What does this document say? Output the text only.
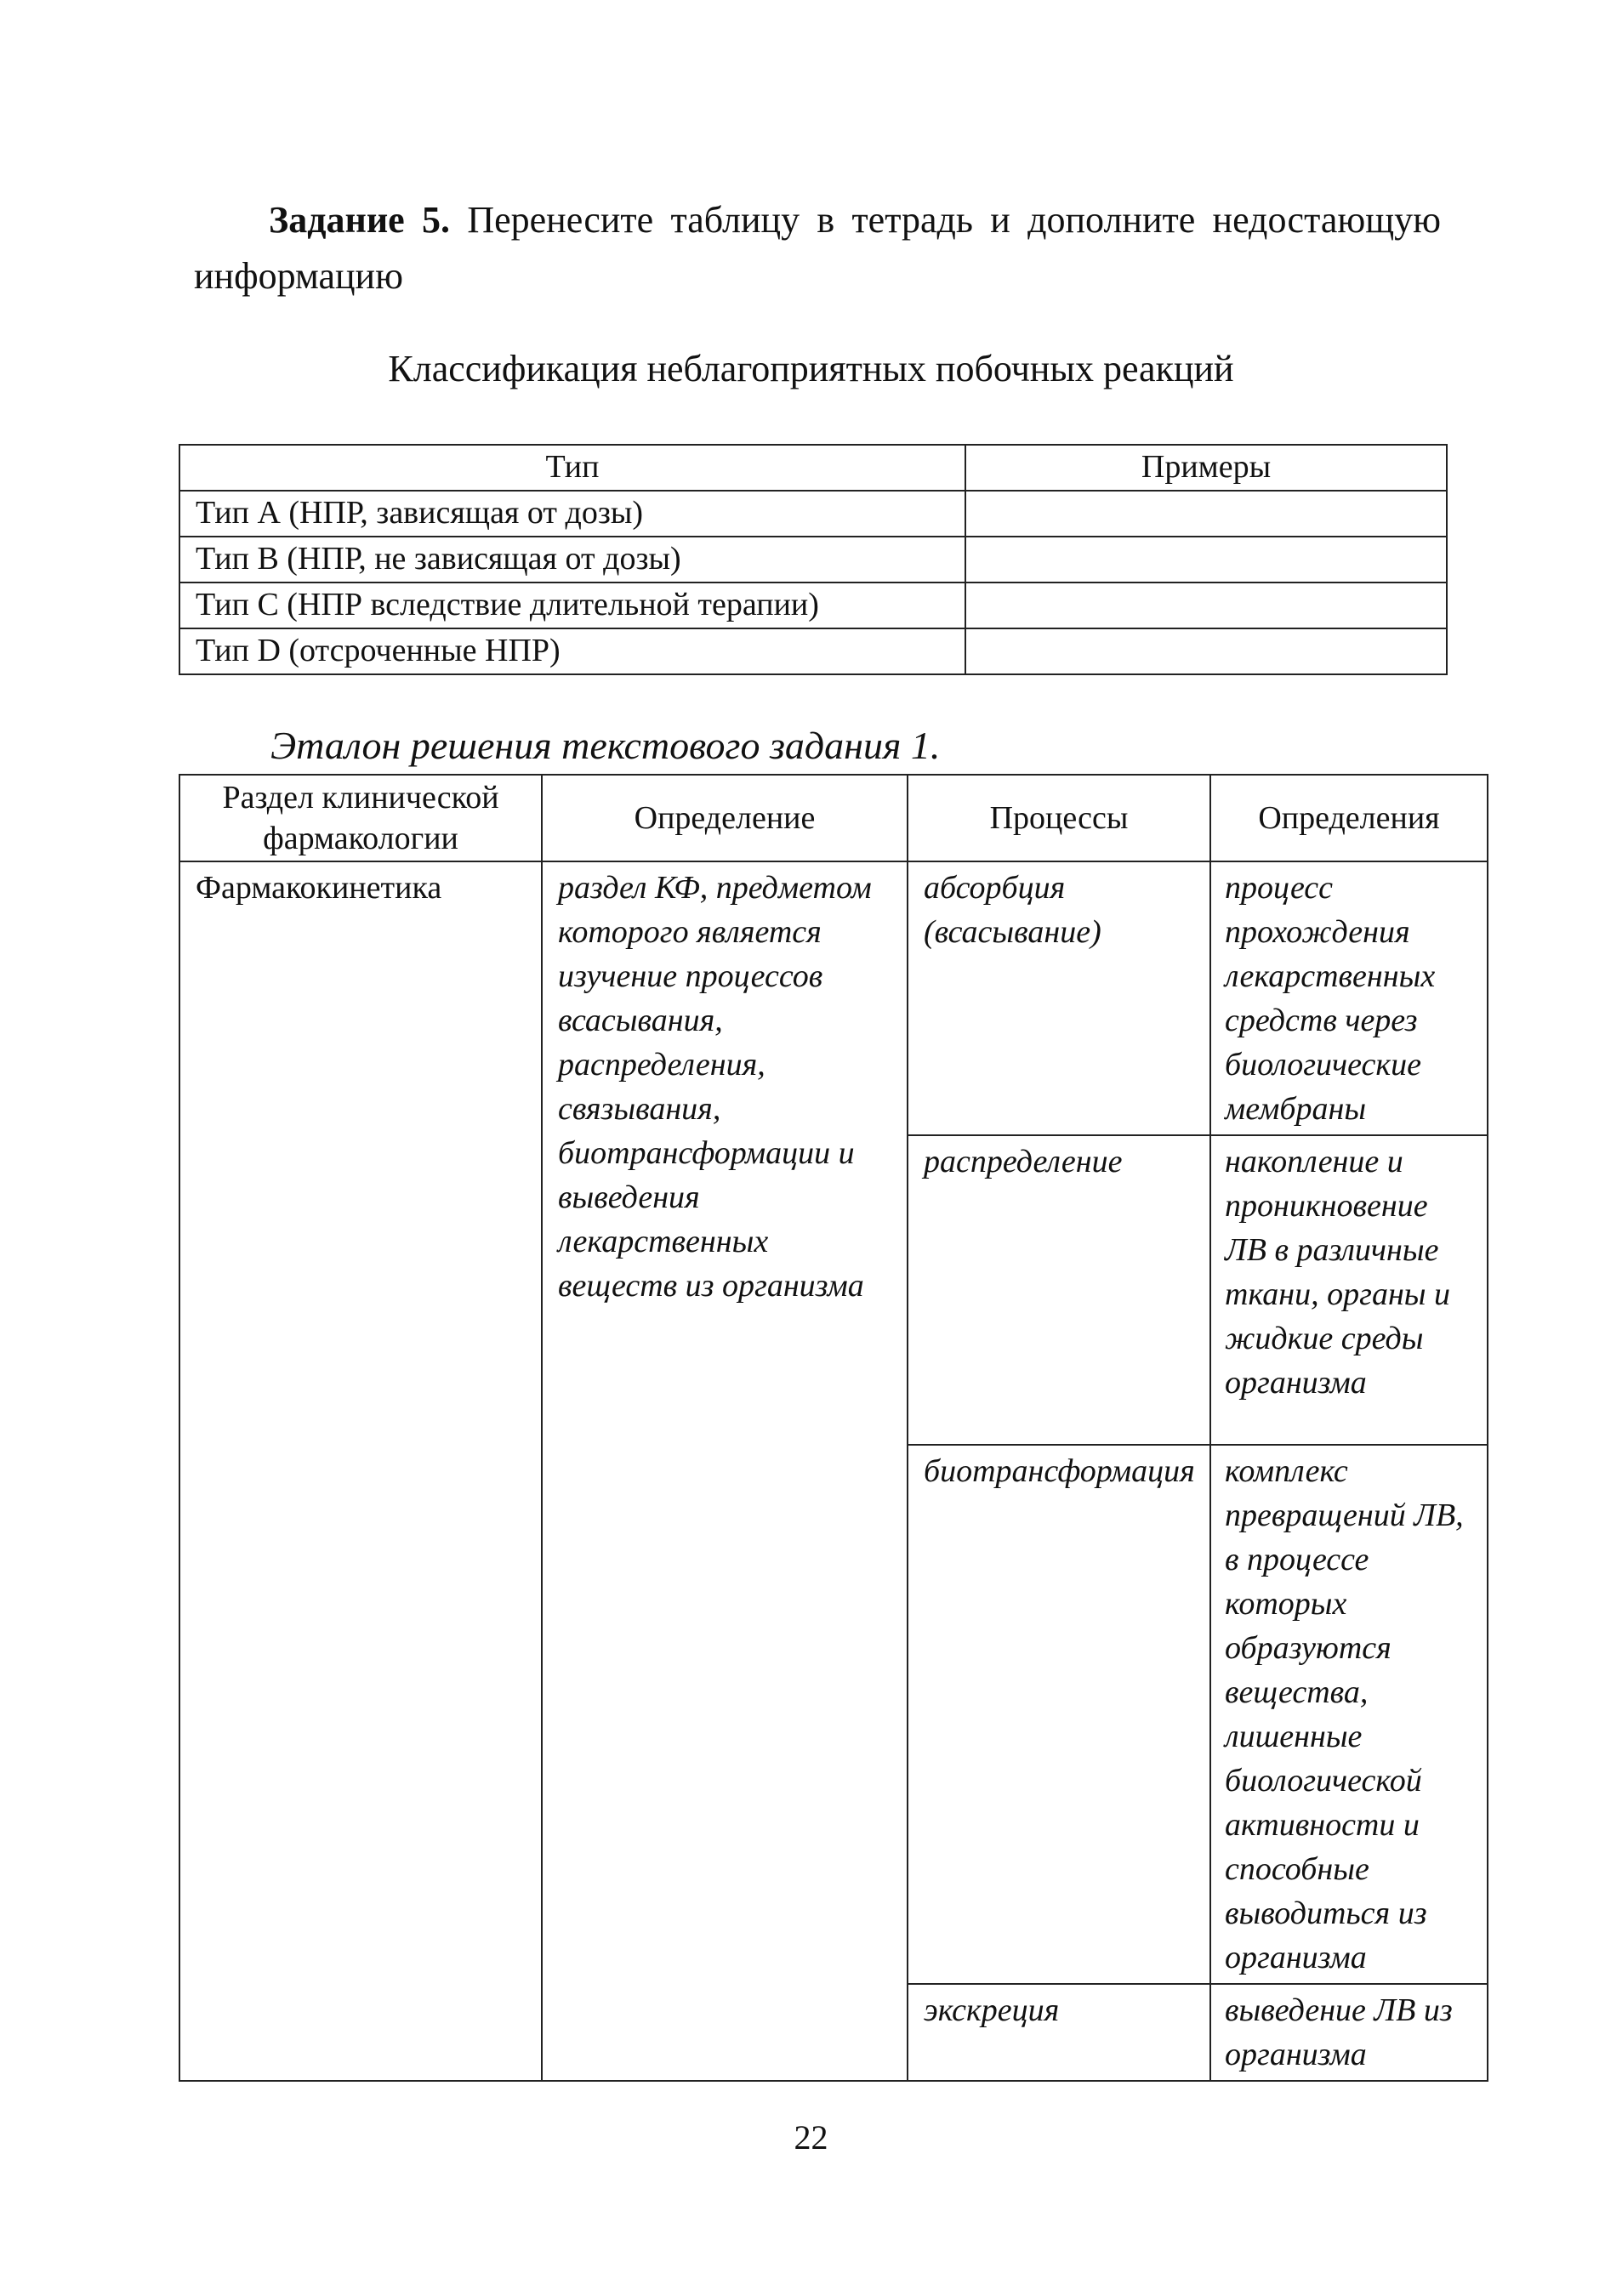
Задание 5. Перенесите таблицу в тетрадь и дополните недостающую информацию

Классификация неблагоприятных побочных реакций

Тип	Примеры
Тип А (НПР, зависящая от дозы)	
Тип В (НПР, не зависящая от дозы)	
Тип С (НПР вследствие длительной терапии)	
Тип D (отсроченные НПР)	

Эталон решения текстового задания 1.

Раздел клинической фармакологии	Определение	Процессы	Определения
Фармакокинетика	раздел КФ, предметом которого является изучение процессов всасывания, распределения, связывания, биотрансформации и выведения лекарственных веществ из организма	абсорбция (всасывание)	процесс прохождения лекарственных средств через биологические мембраны
		распределение	накопление и проникновение ЛВ в различные ткани, органы и жидкие среды организма
		биотрансформация	комплекс превращений ЛВ, в процессе которых образуются вещества, лишенные биологической активности и способные выводиться из организма
		экскреция	выведение ЛВ из организма

22
